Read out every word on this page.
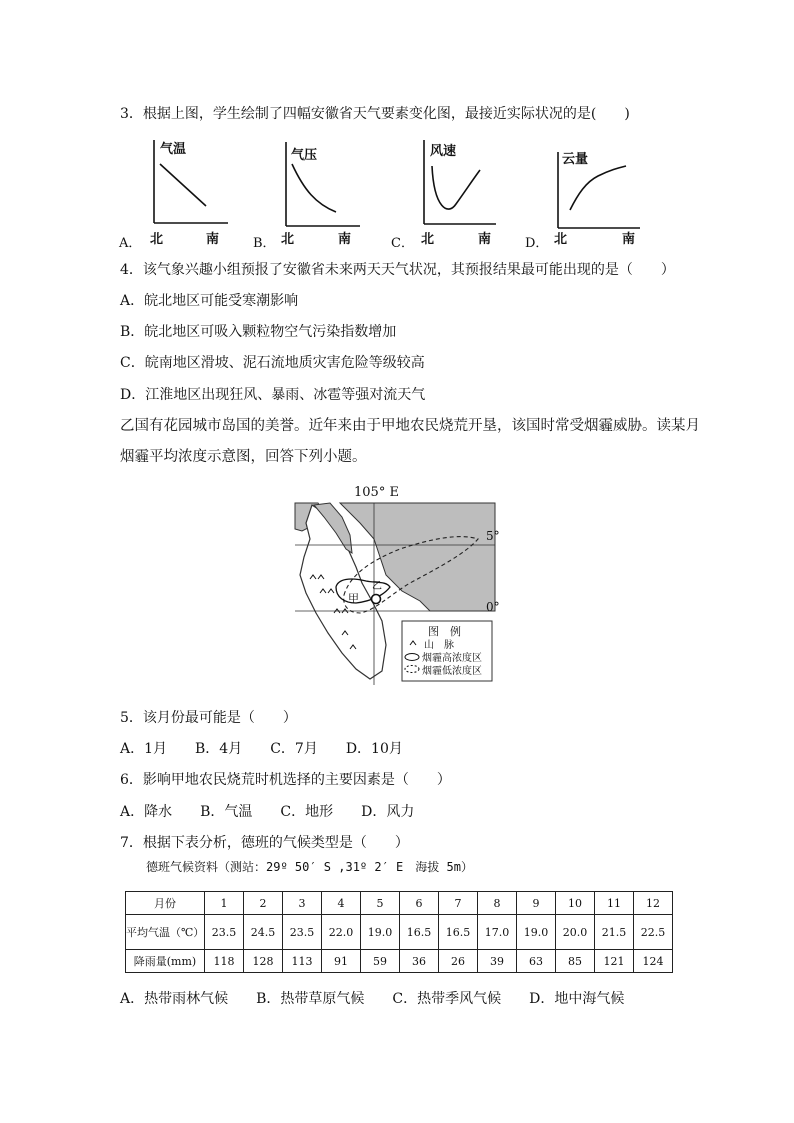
3．根据上图，学生绘制了四幅安徽省天气要素变化图，最接近实际状况的是(　　)
气温
A． 北	南
气压
B． 北	南
风速
C． 北	南
云量
D． 北	南
4．该气象兴趣小组预报了安徽省未来两天天气状况，其预报结果最可能出现的是（　　）
A．皖北地区可能受寒潮影响
B．皖北地区可吸入颗粒物空气污染指数增加
C．皖南地区滑坡、泥石流地质灾害危险等级较高
D．江淮地区出现狂风、暴雨、冰雹等强对流天气
乙国有花园城市岛国的美誉。近年来由于甲地农民烧荒开垦，该国时常受烟霾威胁。读某月
烟霾平均浓度示意图，回答下列小题。
105° E
5°
0°
甲
乙
图　例
山　脉
烟霾高浓度区
烟霾低浓度区
5．该月份最可能是（　　）
A．1月　　B．4月　　C．7月　　D．10月
6．影响甲地农民烧荒时机选择的主要因素是（　　）
A．降水　　B．气温　　C．地形　　D．风力
7．根据下表分析，德班的气候类型是（　　）
德班气候资料（测站：29º 50′ S ,31º 2′ E　海拔 5m）
月份	1	2	3	4	5	6	7	8	9	10	11	12
平均气温（℃）	23.5	24.5	23.5	22.0	19.0	16.5	16.5	17.0	19.0	20.0	21.5	22.5
降雨量(mm)	118	128	113	91	59	36	26	39	63	85	121	124
A．热带雨林气候　　B．热带草原气候　　C．热带季风气候　　D．地中海气候
